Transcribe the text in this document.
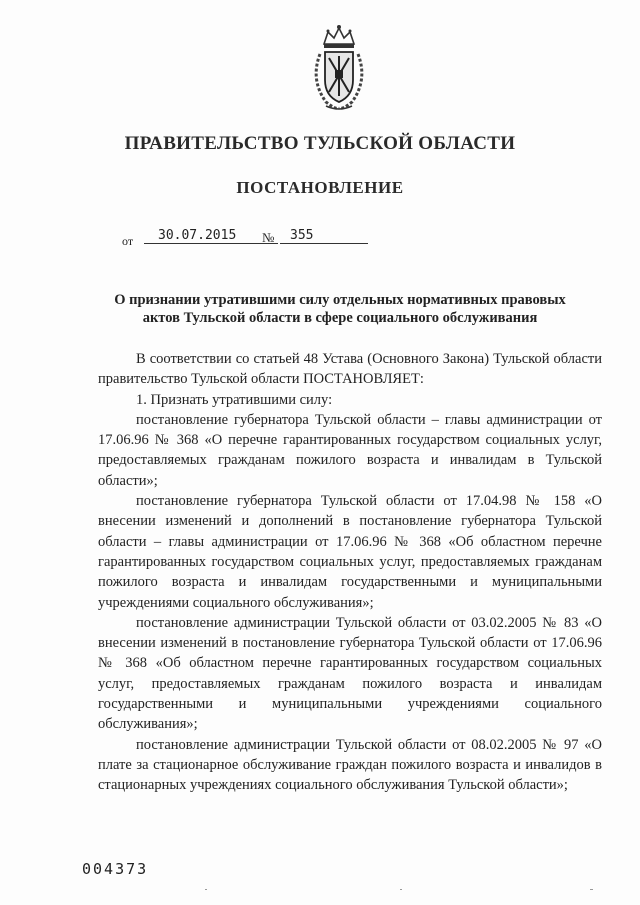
ПРАВИТЕЛЬСТВО ТУЛЬСКОЙ ОБЛАСТИ
ПОСТАНОВЛЕНИЕ
от	30.07.2015	№	355
О признании утратившими силу отдельных нормативных правовых
актов Тульской области в сфере социального обслуживания

В соответствии со статьей 48 Устава (Основного Закона) Тульской области правительство Тульской области ПОСТАНОВЛЯЕТ:

1. Признать утратившими силу:

постановление губернатора Тульской области – главы администрации от 17.06.96 № 368 «О перечне гарантированных государством социальных услуг, предоставляемых гражданам пожилого возраста и инвалидам в Тульской области»;

постановление губернатора Тульской области от 17.04.98 № 158 «О внесении изменений и дополнений в постановление губернатора Тульской области – главы администрации от 17.06.96 № 368 «Об областном перечне гарантированных государством социальных услуг, предоставляемых гражданам пожилого возраста и инвалидам государственными и муниципальными учреждениями социального обслуживания»;

постановление администрации Тульской области от 03.02.2005 № 83 «О внесении изменений в постановление губернатора Тульской области от 17.06.96 № 368 «Об областном перечне гарантированных государством социальных услуг, предоставляемых гражданам пожилого возраста и инвалидам государственными и муниципальными учреждениями социального обслуживания»;

постановление администрации Тульской области от 08.02.2005 № 97 «О плате за стационарное обслуживание граждан пожилого возраста и инвалидов в стационарных учреждениях социального обслуживания Тульской области»;

004373
